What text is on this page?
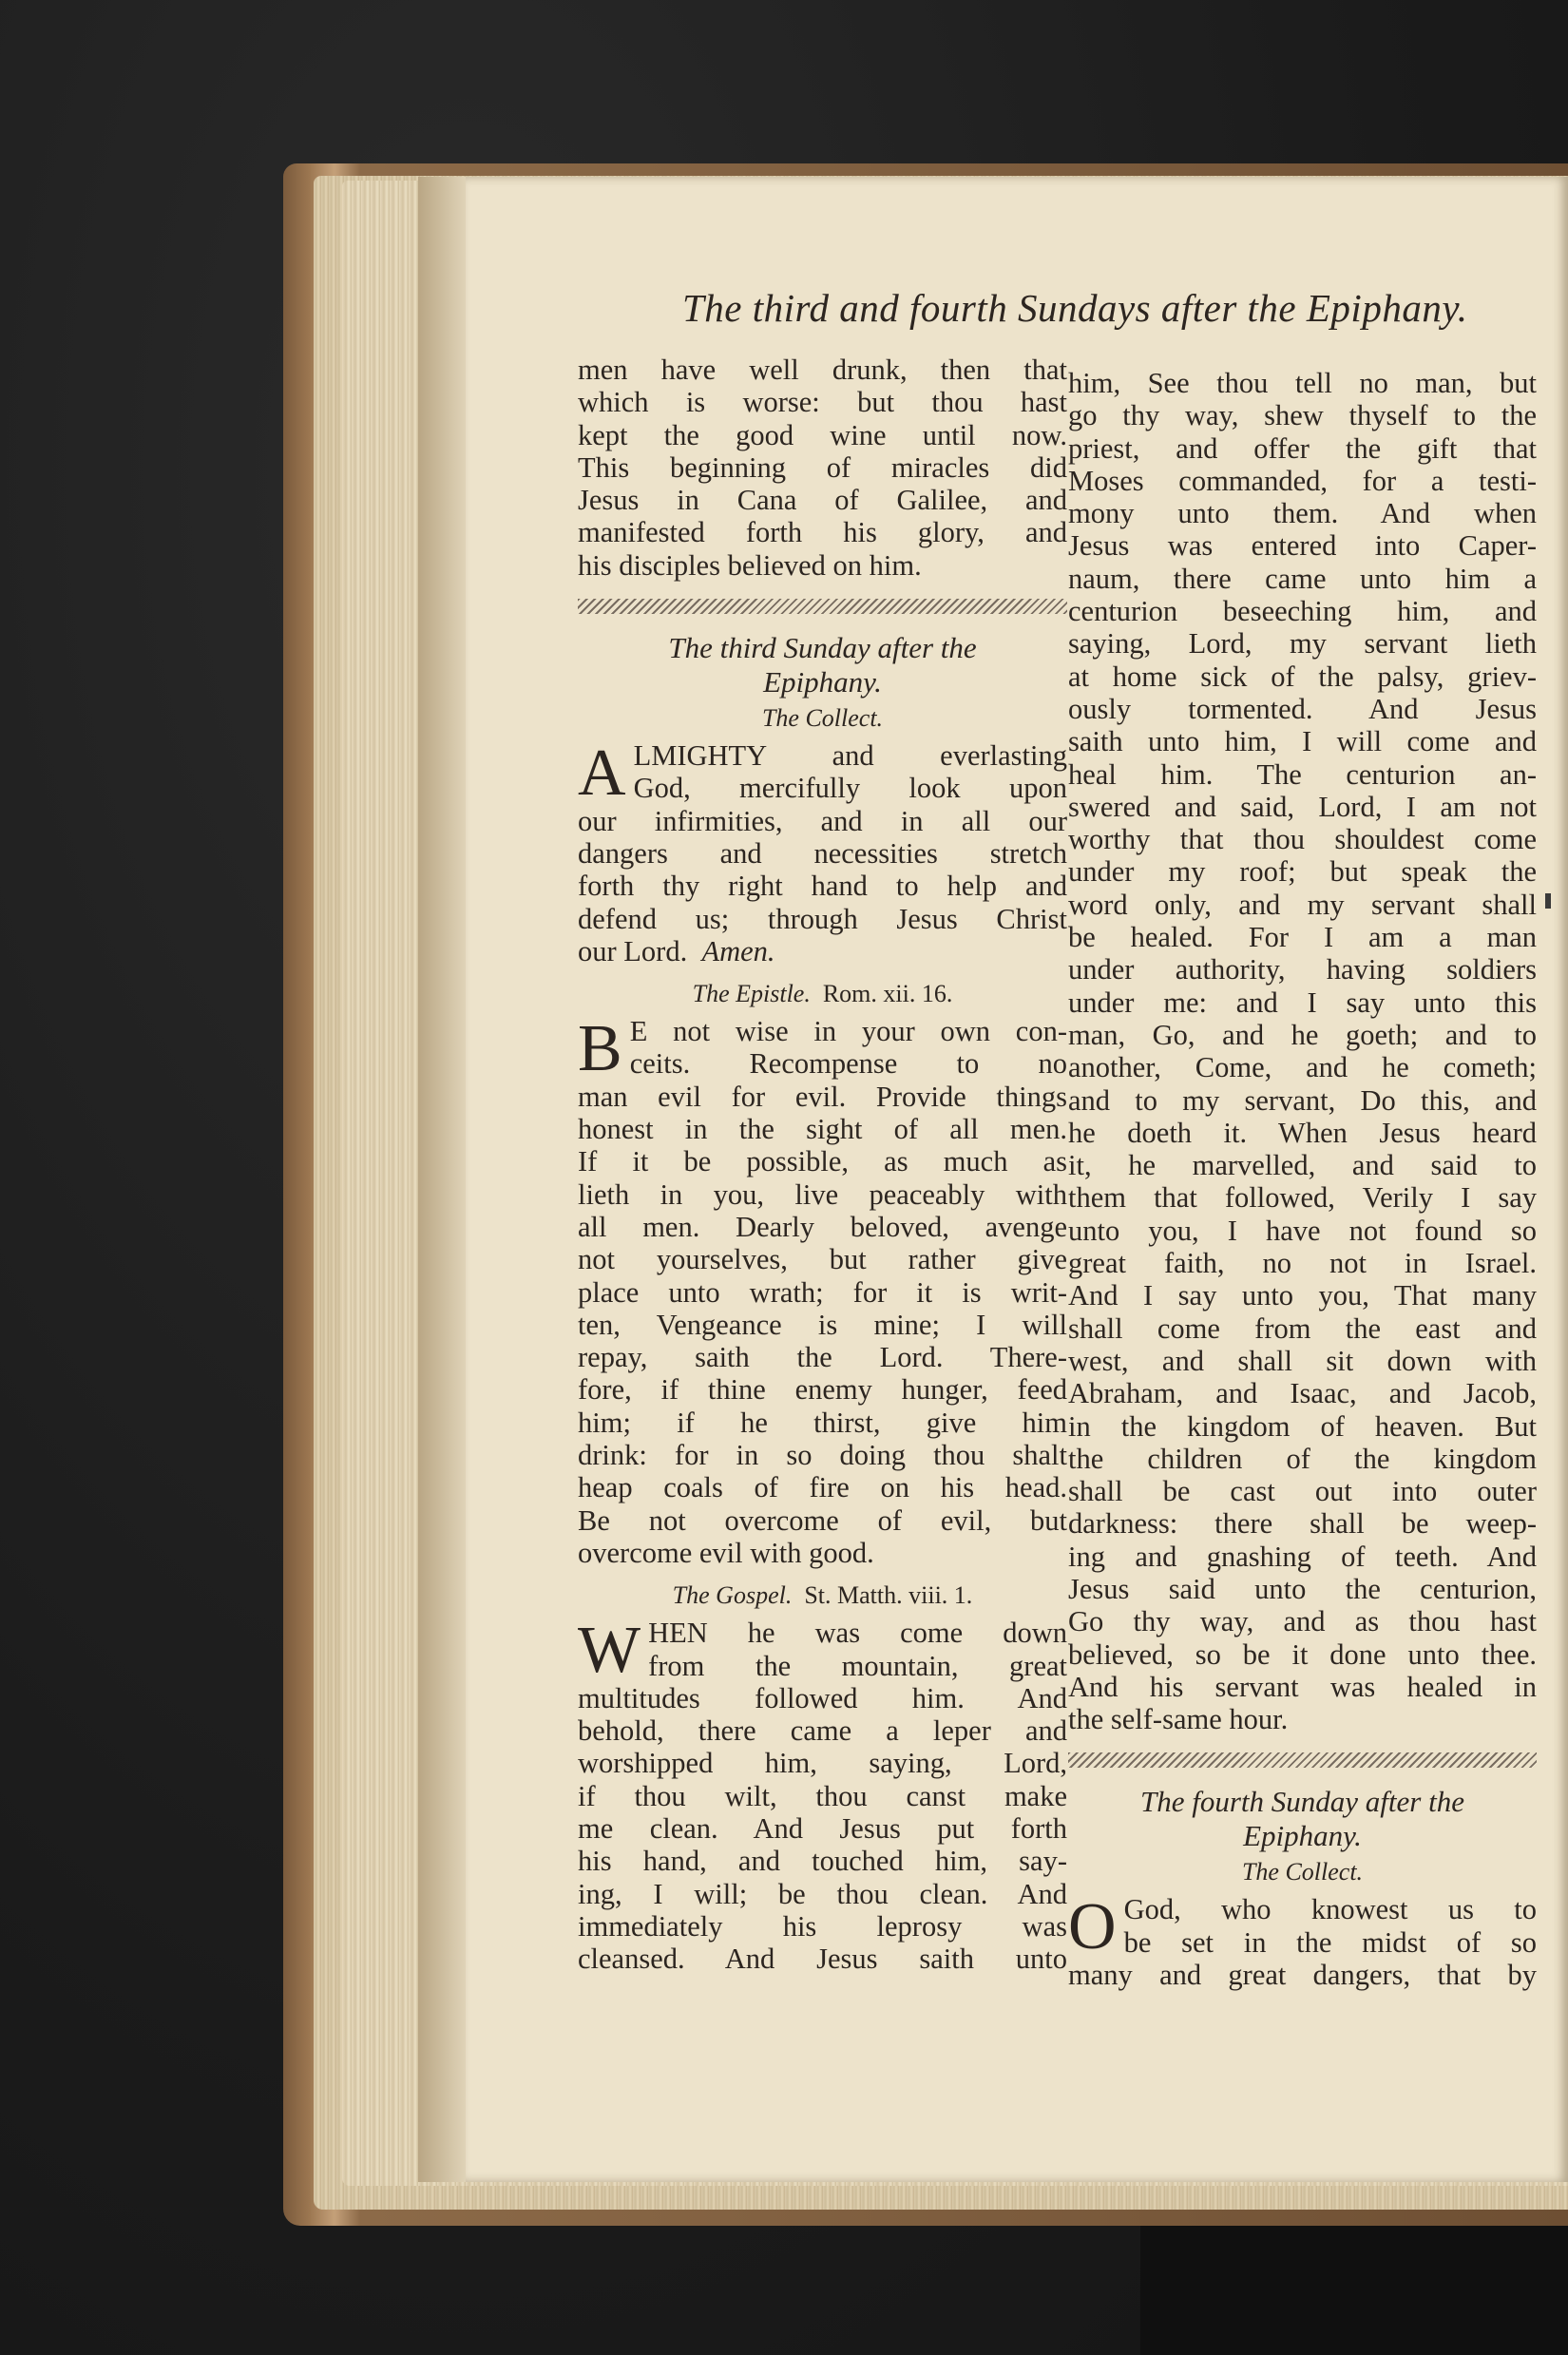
The third and fourth Sundays after the Epiphany.
men have well drunk, then that
which is worse: but thou hast
kept the good wine until now.
This beginning of miracles did
Jesus in Cana of Galilee, and
manifested forth his glory, and
his disciples believed on him.
The third Sunday after the
Epiphany.
The Collect.
A LMIGHTY and everlasting
God, mercifully look upon
our infirmities, and in all our
dangers and necessities stretch
forth thy right hand to help and
defend us; through Jesus Christ
our Lord. Amen.
The Epistle. Rom. xii. 16.
B E not wise in your own con-
ceits. Recompense to no
man evil for evil. Provide things
honest in the sight of all men.
If it be possible, as much as
lieth in you, live peaceably with
all men. Dearly beloved, avenge
not yourselves, but rather give
place unto wrath; for it is writ-
ten, Vengeance is mine; I will
repay, saith the Lord. There-
fore, if thine enemy hunger, feed
him; if he thirst, give him
drink: for in so doing thou shalt
heap coals of fire on his head.
Be not overcome of evil, but
overcome evil with good.
The Gospel. St. Matth. viii. 1.
W HEN he was come down
from the mountain, great
multitudes followed him. And
behold, there came a leper and
worshipped him, saying, Lord,
if thou wilt, thou canst make
me clean. And Jesus put forth
his hand, and touched him, say-
ing, I will; be thou clean. And
immediately his leprosy was
cleansed. And Jesus saith unto
him, See thou tell no man, but
go thy way, shew thyself to the
priest, and offer the gift that
Moses commanded, for a testi-
mony unto them. And when
Jesus was entered into Caper-
naum, there came unto him a
centurion beseeching him, and
saying, Lord, my servant lieth
at home sick of the palsy, griev-
ously tormented. And Jesus
saith unto him, I will come and
heal him. The centurion an-
swered and said, Lord, I am not
worthy that thou shouldest come
under my roof; but speak the
word only, and my servant shall
be healed. For I am a man
under authority, having soldiers
under me: and I say unto this
man, Go, and he goeth; and to
another, Come, and he cometh;
and to my servant, Do this, and
he doeth it. When Jesus heard
it, he marvelled, and said to
them that followed, Verily I say
unto you, I have not found so
great faith, no not in Israel.
And I say unto you, That many
shall come from the east and
west, and shall sit down with
Abraham, and Isaac, and Jacob,
in the kingdom of heaven. But
the children of the kingdom
shall be cast out into outer
darkness: there shall be weep-
ing and gnashing of teeth. And
Jesus said unto the centurion,
Go thy way, and as thou hast
believed, so be it done unto thee.
And his servant was healed in
the self-same hour.
The fourth Sunday after the
Epiphany.
The Collect.
O God, who knowest us to
be set in the midst of so
many and great dangers, that by
